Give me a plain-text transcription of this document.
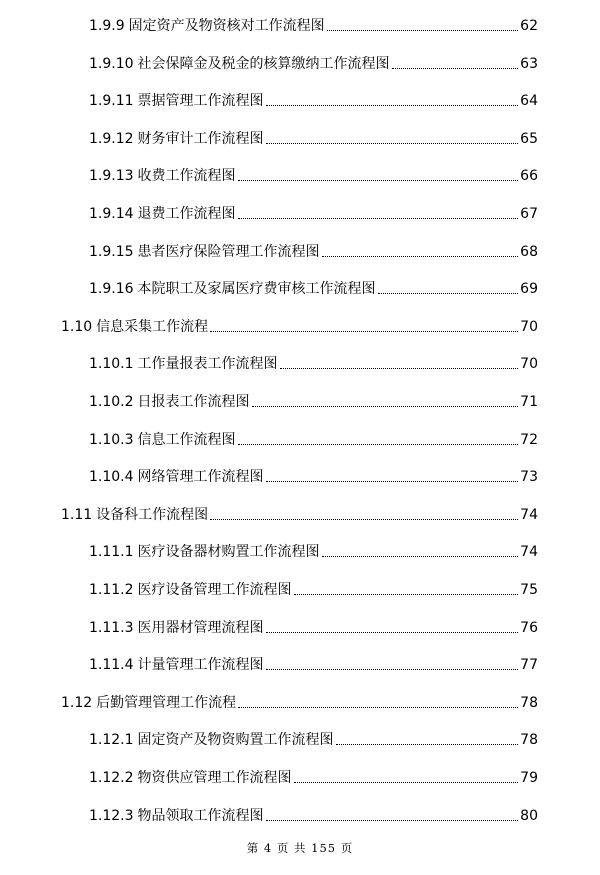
1.9.9 固定资产及物资核对工作流程图	62
1.9.10 社会保障金及税金的核算缴纳工作流程图	63
1.9.11 票据管理工作流程图	64
1.9.12 财务审计工作流程图	65
1.9.13 收费工作流程图	66
1.9.14 退费工作流程图	67
1.9.15 患者医疗保险管理工作流程图	68
1.9.16 本院职工及家属医疗费审核工作流程图	69
1.10 信息采集工作流程	70
1.10.1 工作量报表工作流程图	70
1.10.2 日报表工作流程图	71
1.10.3 信息工作流程图	72
1.10.4 网络管理工作流程图	73
1.11 设备科工作流程图	74
1.11.1 医疗设备器材购置工作流程图	74
1.11.2 医疗设备管理工作流程图	75
1.11.3 医用器材管理流程图	76
1.11.4 计量管理工作流程图	77
1.12 后勤管理管理工作流程	78
1.12.1 固定资产及物资购置工作流程图	78
1.12.2 物资供应管理工作流程图	79
1.12.3 物品领取工作流程图	80
第 4 页 共 155 页
